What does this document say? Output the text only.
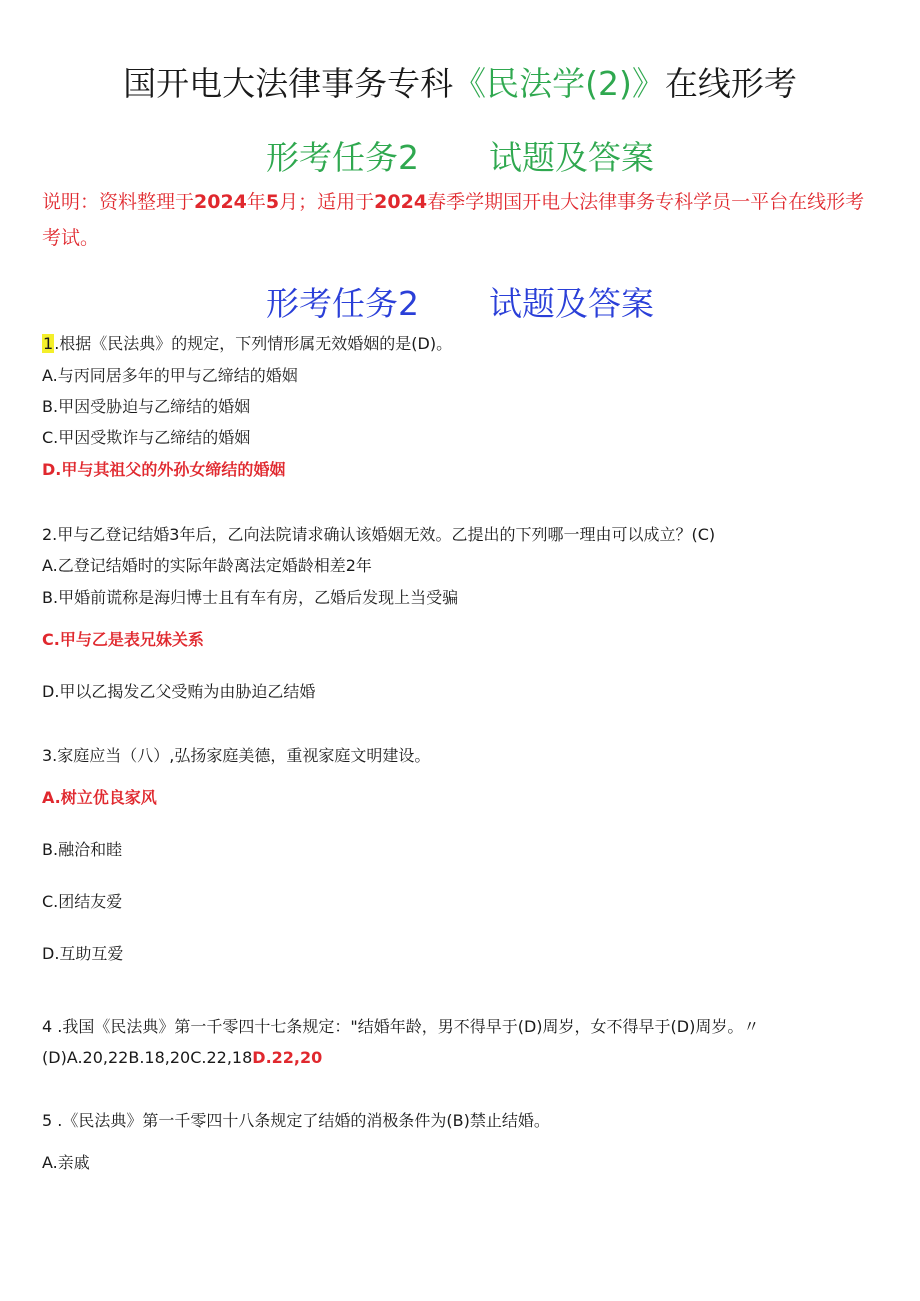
国开电大法律事务专科《民法学(2)》在线形考
形考任务2 试题及答案
说明：资料整理于2024年5月；适用于2024春季学期国开电大法律事务专科学员一平台在线形考考试。
形考任务2 试题及答案
1.根据《民法典》的规定，下列情形属无效婚姻的是(D)。
A.与丙同居多年的甲与乙缔结的婚姻
B.甲因受胁迫与乙缔结的婚姻
C.甲因受欺诈与乙缔结的婚姻
D.甲与其祖父的外孙女缔结的婚姻
2.甲与乙登记结婚3年后，乙向法院请求确认该婚姻无效。乙提出的下列哪一理由可以成立？(C)
A.乙登记结婚时的实际年龄离法定婚龄相差2年
B.甲婚前谎称是海归博士且有车有房，乙婚后发现上当受骗
C.甲与乙是表兄妹关系
D.甲以乙揭发乙父受贿为由胁迫乙结婚
3.家庭应当（八）,弘扬家庭美德，重视家庭文明建设。
A.树立优良家风
B.融洽和睦
C.团结友爱
D.互助互爱
4 .我国《民法典》第一千零四十七条规定："结婚年龄，男不得早于(D)周岁，女不得早于(D)周岁。〃
(D)A.20,22B.18,20C.22,18D.22,20
5 .《民法典》第一千零四十八条规定了结婚的消极条件为(B)禁止结婚。
A.亲戚
